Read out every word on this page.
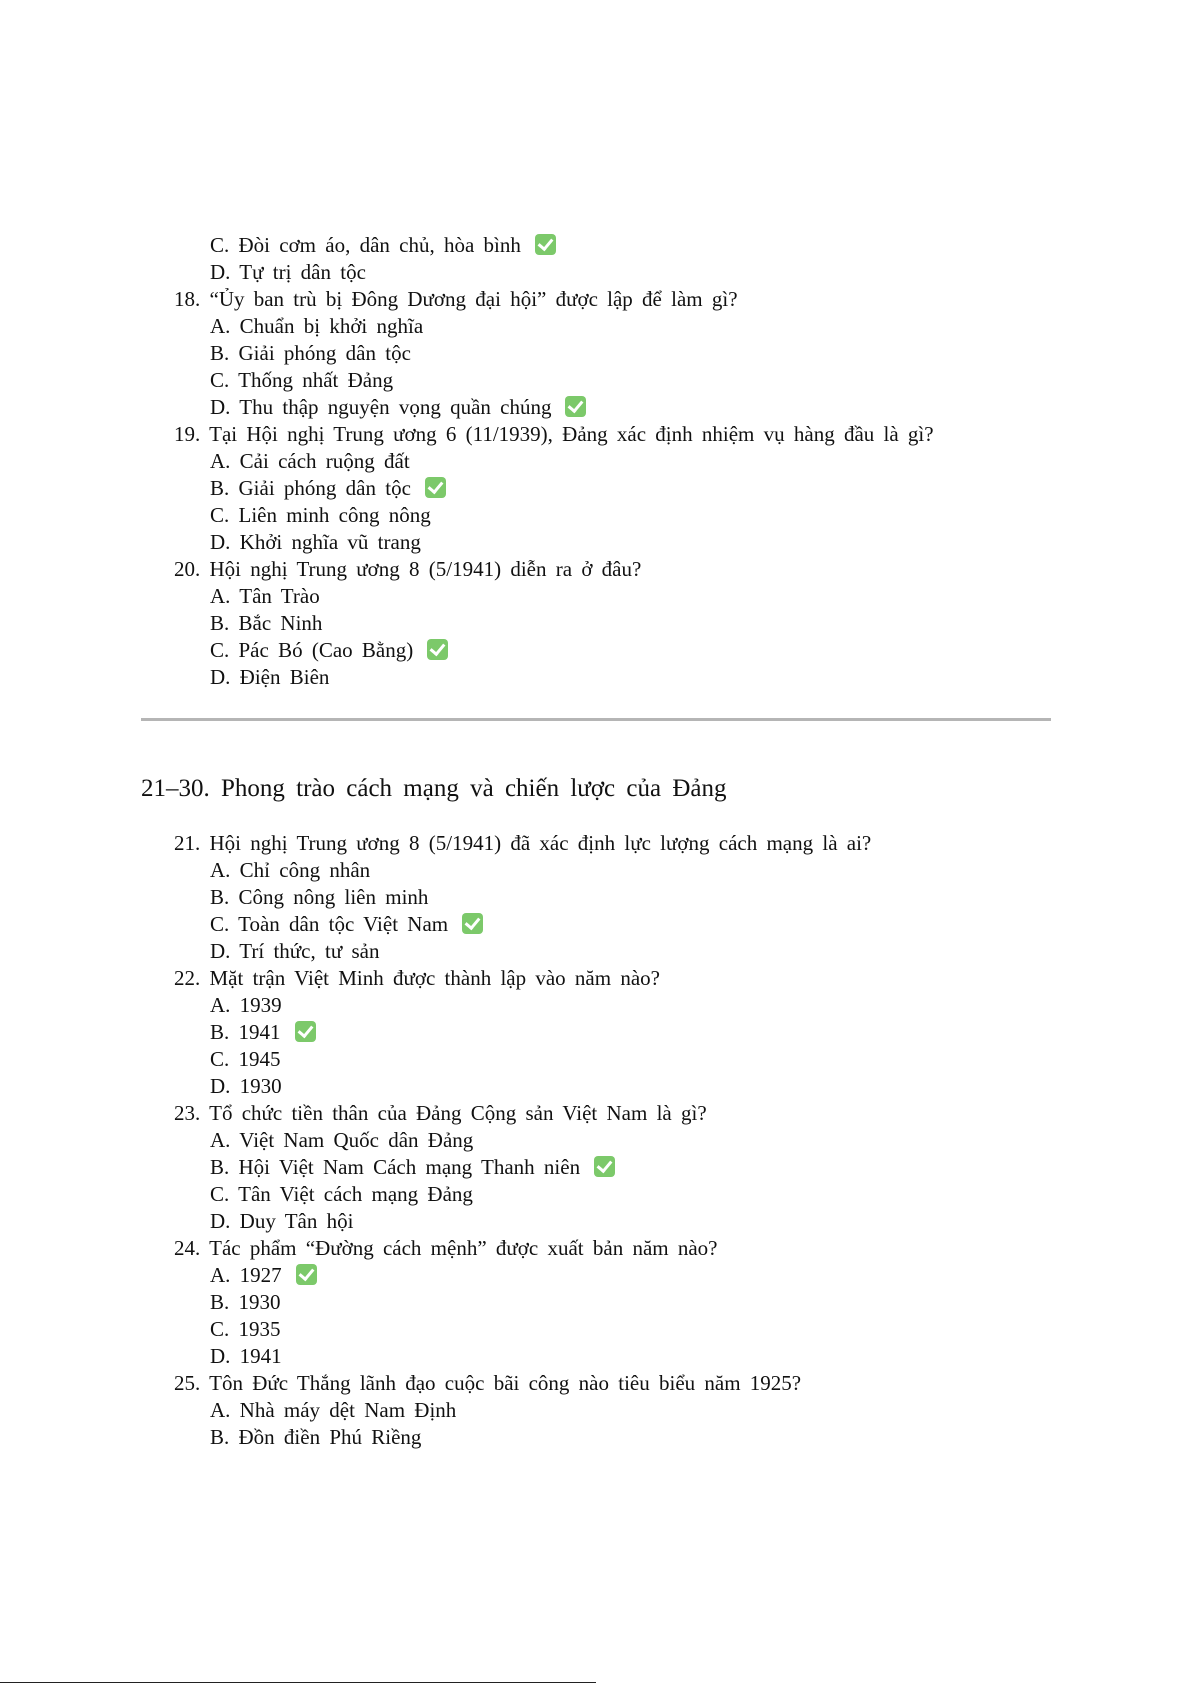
C. Đòi cơm áo, dân chủ, hòa bình
D. Tự trị dân tộc
18. “Ủy ban trù bị Đông Dương đại hội” được lập để làm gì?
A. Chuẩn bị khởi nghĩa
B. Giải phóng dân tộc
C. Thống nhất Đảng
D. Thu thập nguyện vọng quần chúng
19. Tại Hội nghị Trung ương 6 (11/1939), Đảng xác định nhiệm vụ hàng đầu là gì?
A. Cải cách ruộng đất
B. Giải phóng dân tộc
C. Liên minh công nông
D. Khởi nghĩa vũ trang
20. Hội nghị Trung ương 8 (5/1941) diễn ra ở đâu?
A. Tân Trào
B. Bắc Ninh
C. Pác Bó (Cao Bằng)
D. Điện Biên
21–30. Phong trào cách mạng và chiến lược của Đảng
21. Hội nghị Trung ương 8 (5/1941) đã xác định lực lượng cách mạng là ai?
A. Chỉ công nhân
B. Công nông liên minh
C. Toàn dân tộc Việt Nam
D. Trí thức, tư sản
22. Mặt trận Việt Minh được thành lập vào năm nào?
A. 1939
B. 1941
C. 1945
D. 1930
23. Tổ chức tiền thân của Đảng Cộng sản Việt Nam là gì?
A. Việt Nam Quốc dân Đảng
B. Hội Việt Nam Cách mạng Thanh niên
C. Tân Việt cách mạng Đảng
D. Duy Tân hội
24. Tác phẩm “Đường cách mệnh” được xuất bản năm nào?
A. 1927
B. 1930
C. 1935
D. 1941
25. Tôn Đức Thắng lãnh đạo cuộc bãi công nào tiêu biểu năm 1925?
A. Nhà máy dệt Nam Định
B. Đồn điền Phú Riềng
